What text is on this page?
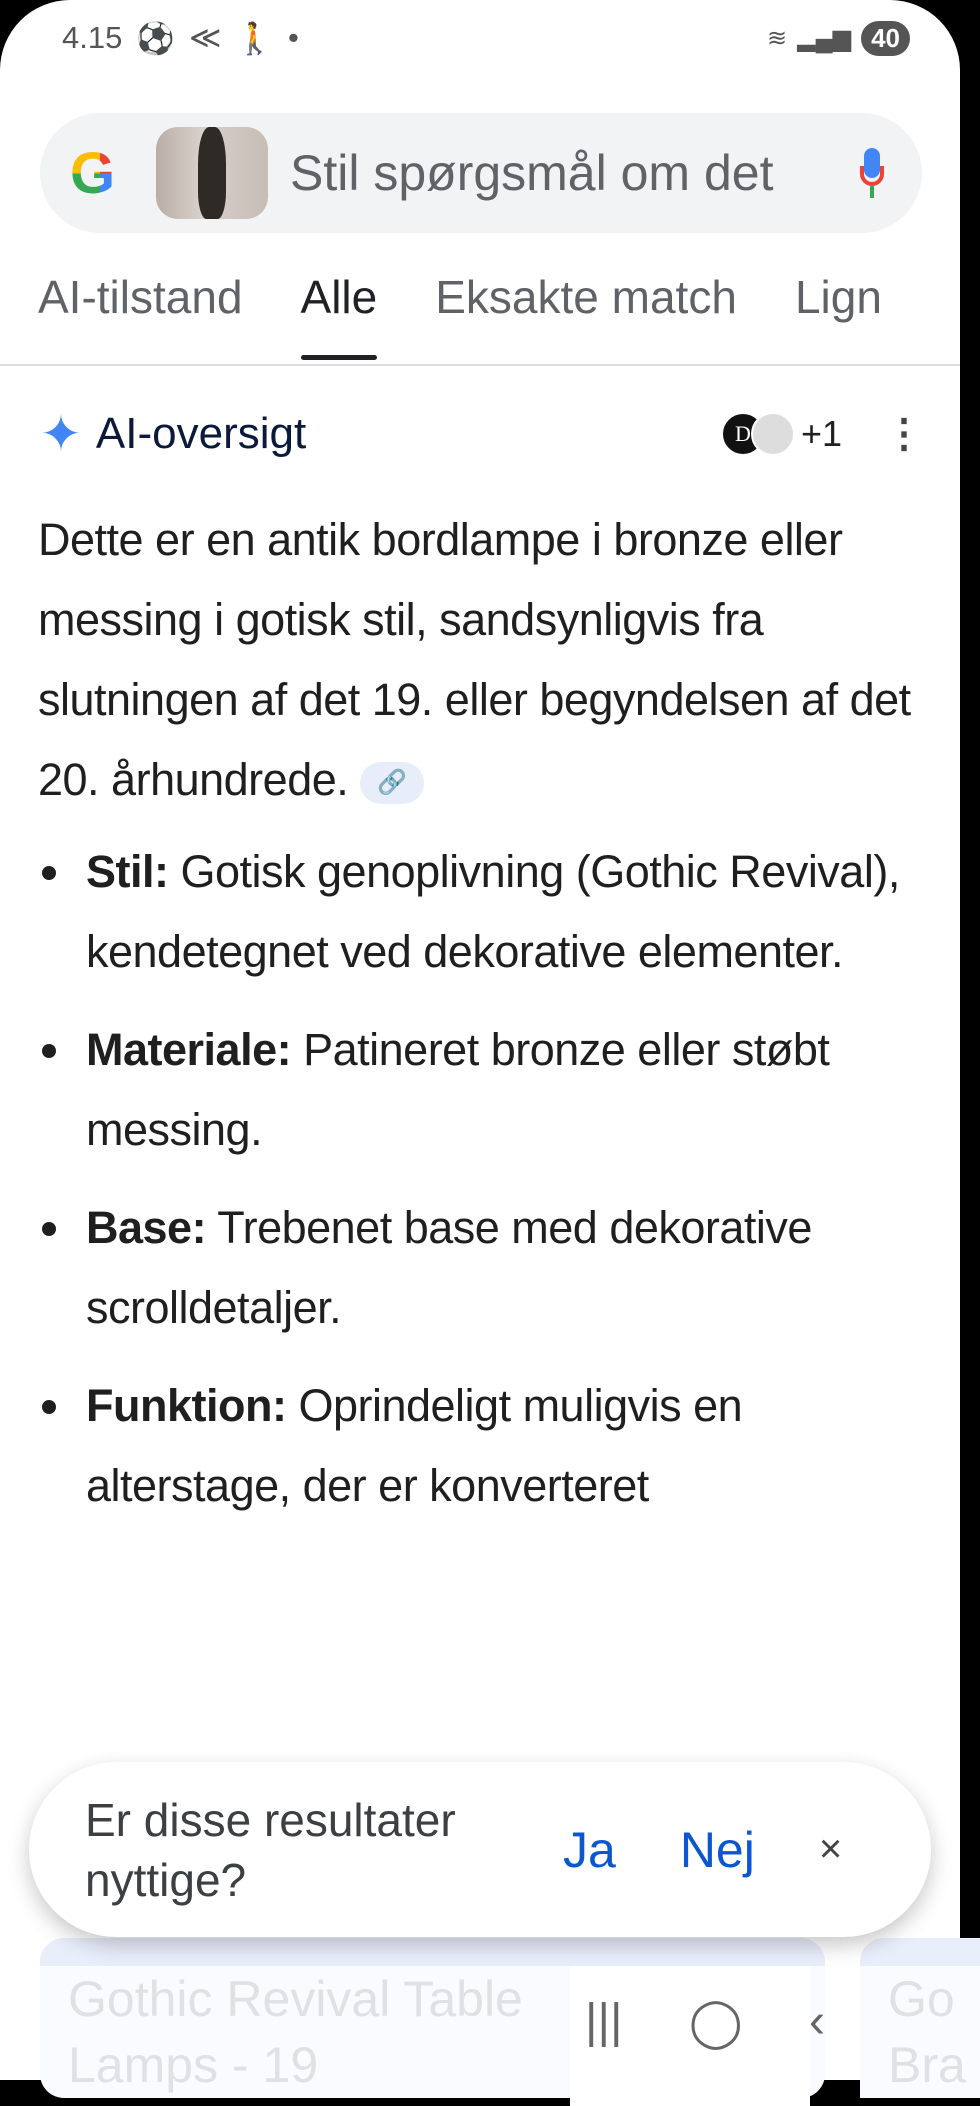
4.15 ⚽ ≪ 🚶 •	≋ ▂▄▆ 40
G	Stil spørgsmål om det
AI-tilstand Alle Eksakte match Lign
✦ AI-oversigt	D	+1 ⋮

Dette er en antik bordlampe i bronze eller messing i gotisk stil, sandsynligvis fra slutningen af det 19. eller begyndelsen af det 20. århundrede. 🔗

Stil: Gotisk genoplivning (Gothic Revival), kendetegnet ved dekorative elementer.
Materiale: Patineret bronze eller støbt messing.
Base: Trebenet base med dekorative scrolldetaljer.
Funktion: Oprindeligt muligvis en alterstage, der er konverteret
Er disse resultater nyttige?
Ja Nej ×
Gothic Revival Table Lamps - 19
Go Bra
||| ◯ ‹
